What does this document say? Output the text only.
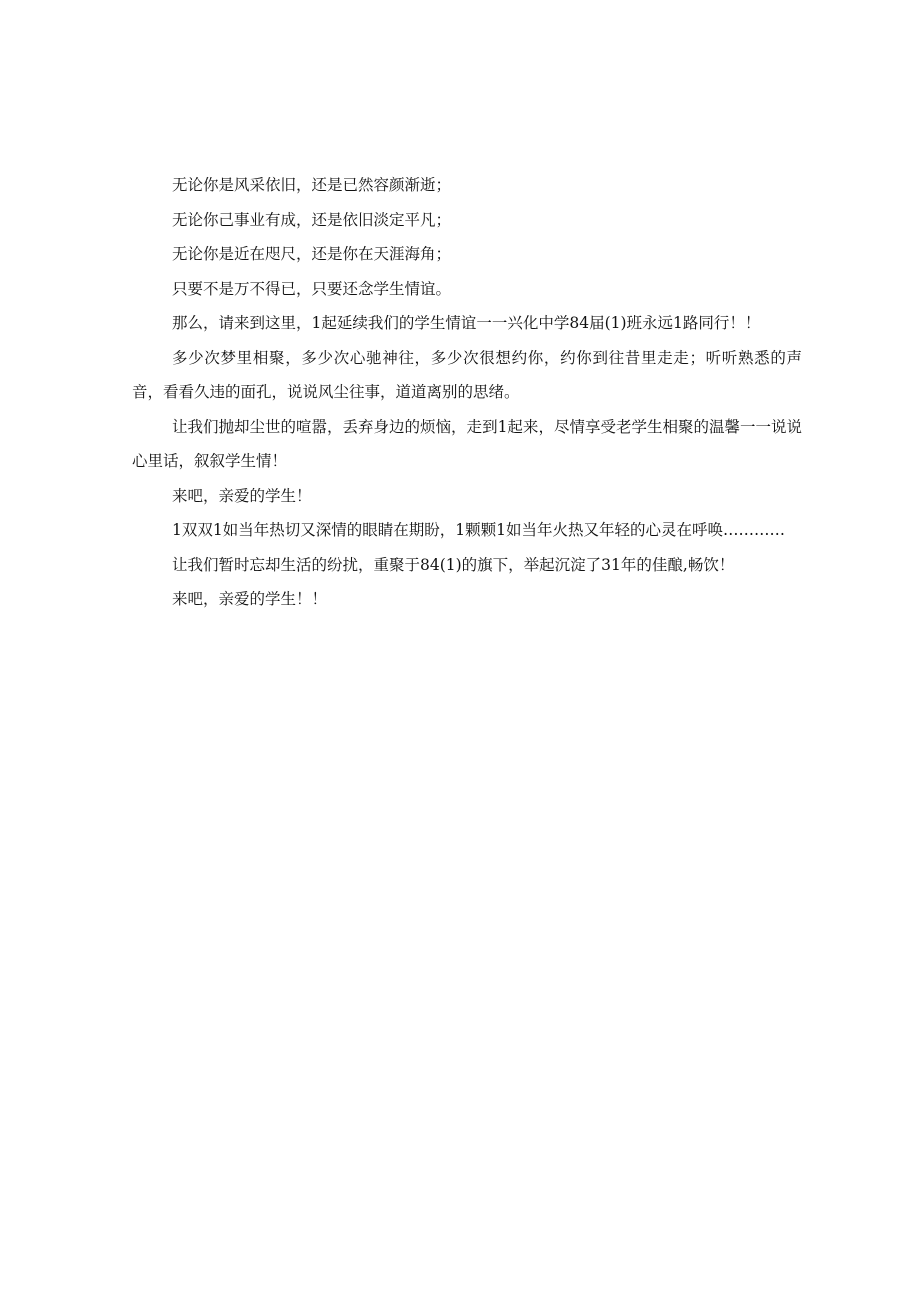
无论你是风采依旧，还是已然容颜渐逝；

无论你己事业有成，还是依旧淡定平凡；

无论你是近在咫尺，还是你在天涯海角；

只要不是万不得已，只要还念学生情谊。

那么，请来到这里，1起延续我们的学生情谊一一兴化中学84届(1)班永远1路同行！！

多少次梦里相聚，多少次心驰神往，多少次很想约你，约你到往昔里走走；听听熟悉的声音，看看久违的面孔，说说风尘往事，道道离别的思绪。

让我们抛却尘世的喧嚣，丢弃身边的烦恼，走到1起来，尽情享受老学生相聚的温馨一一说说心里话，叙叙学生情！

来吧，亲爱的学生！

1双双1如当年热切又深情的眼睛在期盼，1颗颗1如当年火热又年轻的心灵在呼唤…………

让我们暂时忘却生活的纷扰，重聚于84(1)的旗下，举起沉淀了31年的佳酿,畅饮！

来吧，亲爱的学生！！
